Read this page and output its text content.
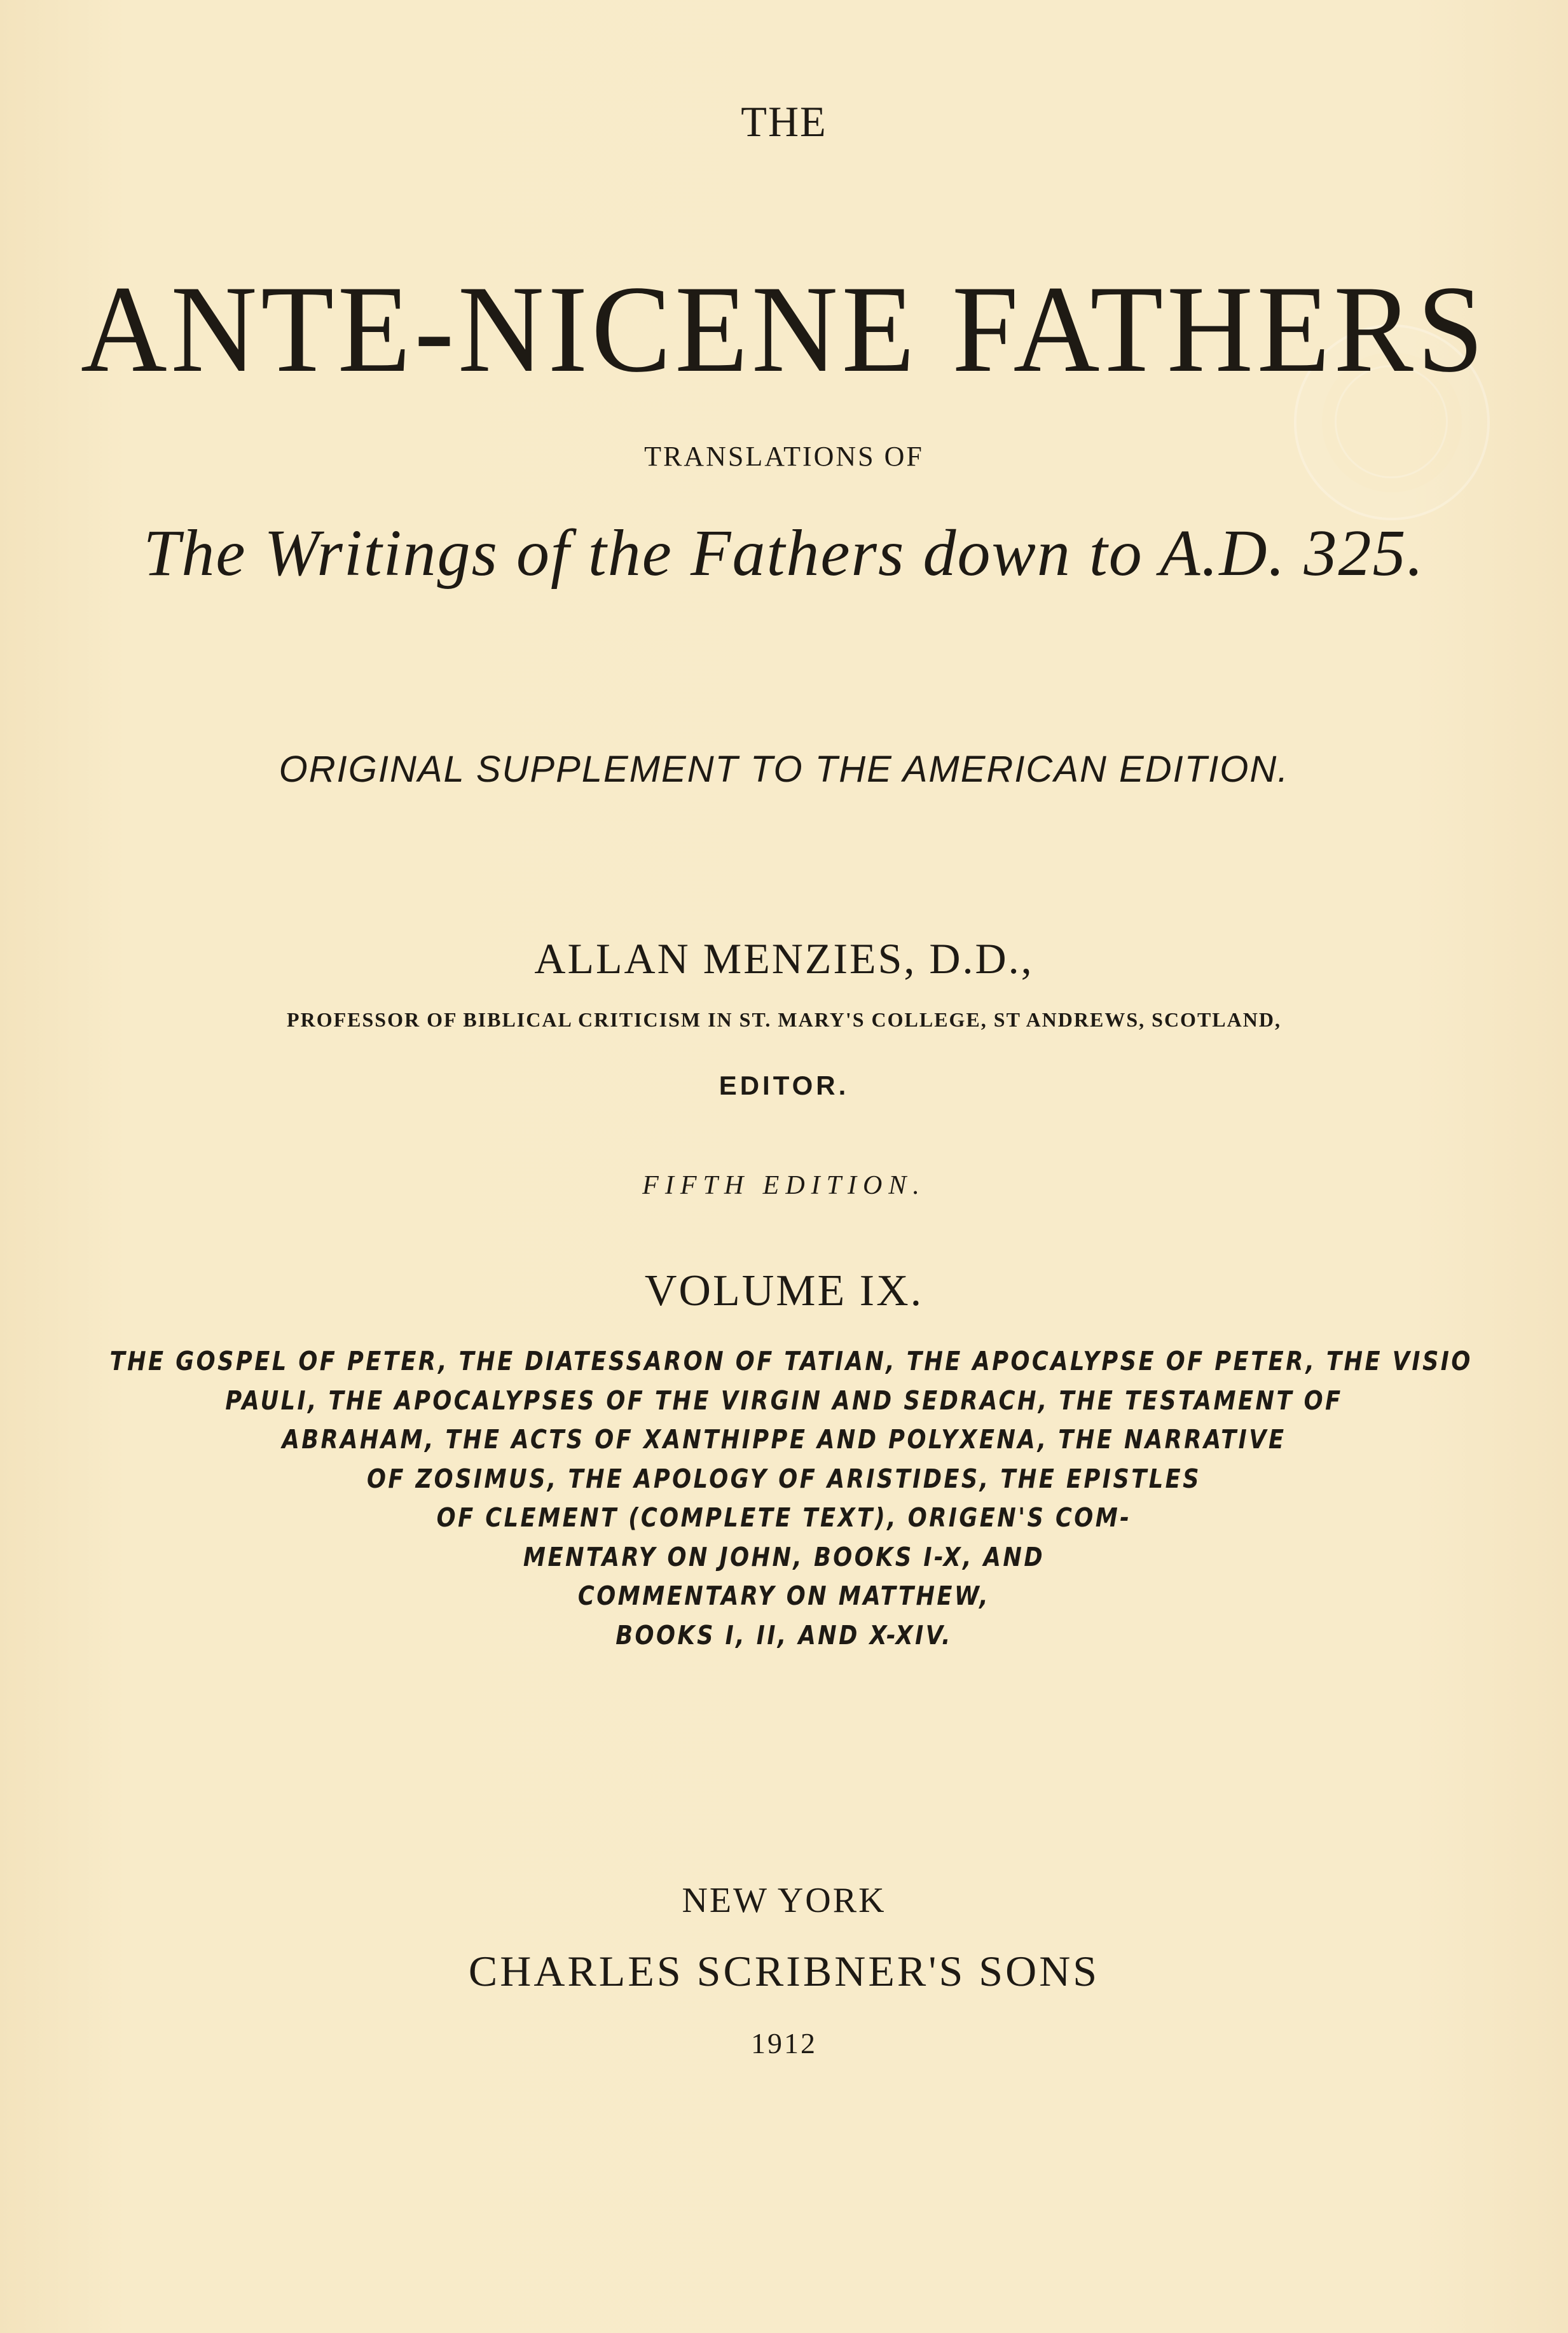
THE
ANTE-NICENE FATHERS
TRANSLATIONS OF
The Writings of the Fathers down to A.D. 325.
ORIGINAL SUPPLEMENT TO THE AMERICAN EDITION.
ALLAN MENZIES, D.D.,
PROFESSOR OF BIBLICAL CRITICISM IN ST. MARY'S COLLEGE, ST ANDREWS, SCOTLAND,
EDITOR.
FIFTH EDITION.
VOLUME IX.
THE GOSPEL OF PETER, THE DIATESSARON OF TATIAN, THE APOCALYPSE OF PETER, THE VISIO
PAULI, THE APOCALYPSES OF THE VIRGIN AND SEDRACH, THE TESTAMENT OF
ABRAHAM, THE ACTS OF XANTHIPPE AND POLYXENA, THE NARRATIVE
OF ZOSIMUS, THE APOLOGY OF ARISTIDES, THE EPISTLES
OF CLEMENT (COMPLETE TEXT), ORIGEN'S COM-
MENTARY ON JOHN, BOOKS I-X, AND
COMMENTARY ON MATTHEW,
BOOKS I, II, AND X-XIV.
NEW YORK
CHARLES SCRIBNER'S SONS
1912
